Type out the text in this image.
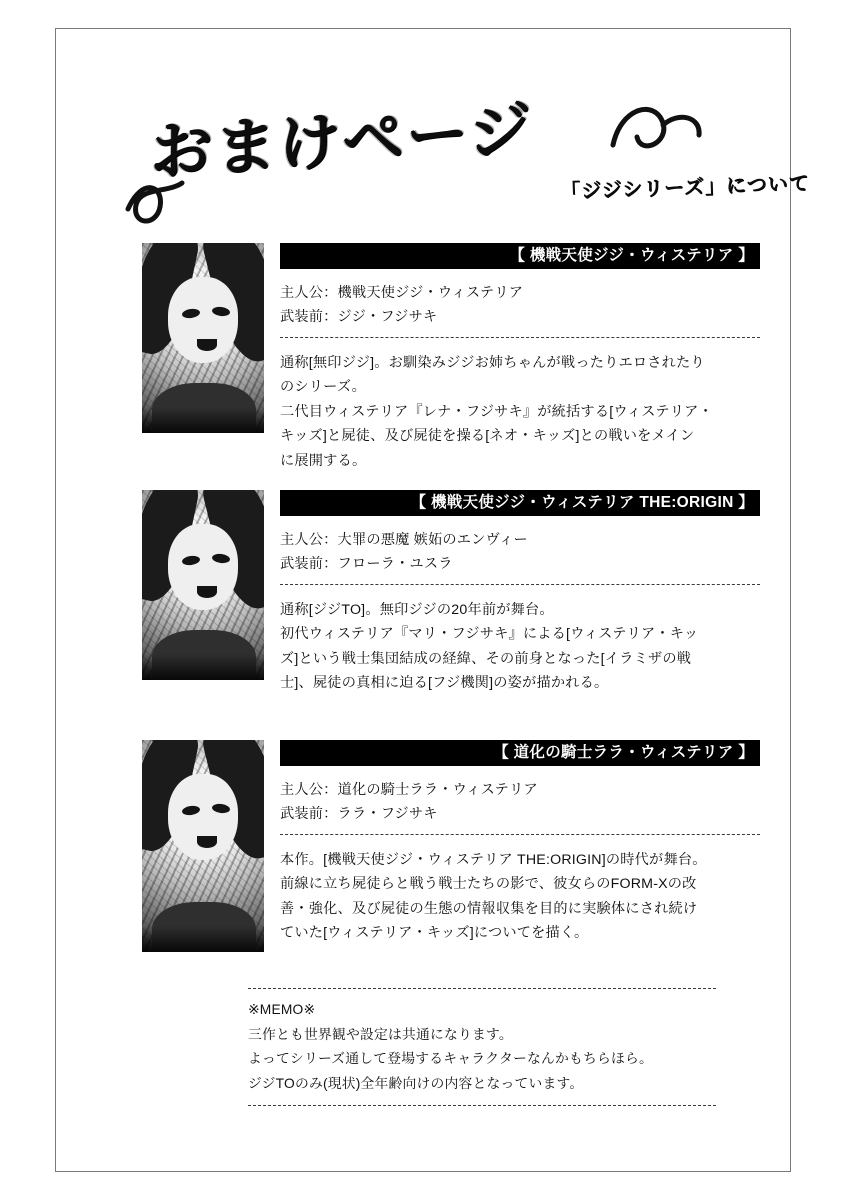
おまけページ 「ジジシリーズ」について
【 機戦天使ジジ・ウィステリア 】

主人公：機戦天使ジジ・ウィステリア

武装前：ジジ・フジサキ

通称[無印ジジ]。お馴染みジジお姉ちゃんが戦ったりエロされたり

のシリーズ。

二代目ウィステリア『レナ・フジサキ』が統括する[ウィステリア・

キッズ]と屍徒、及び屍徒を操る[ネオ・キッズ]との戦いをメイン

に展開する。

【 機戦天使ジジ・ウィステリア THE:ORIGIN 】

主人公：大罪の悪魔 嫉妬のエンヴィー

武装前：フローラ・ユスラ

通称[ジジTO]。無印ジジの20年前が舞台。

初代ウィステリア『マリ・フジサキ』による[ウィステリア・キッ

ズ]という戦士集団結成の経緯、その前身となった[イラミザの戦

士]、屍徒の真相に迫る[フジ機関]の姿が描かれる。

【 道化の騎士ララ・ウィステリア 】

主人公：道化の騎士ララ・ウィステリア

武装前：ララ・フジサキ

本作。[機戦天使ジジ・ウィステリア THE:ORIGIN]の時代が舞台。

前線に立ち屍徒らと戦う戦士たちの影で、彼女らのFORM-Xの改

善・強化、及び屍徒の生態の情報収集を目的に実験体にされ続け

ていた[ウィステリア・キッズ]についてを描く。

※MEMO※

三作とも世界観や設定は共通になります。

よってシリーズ通して登場するキャラクターなんかもちらほら。

ジジTOのみ(現状)全年齢向けの内容となっています。
